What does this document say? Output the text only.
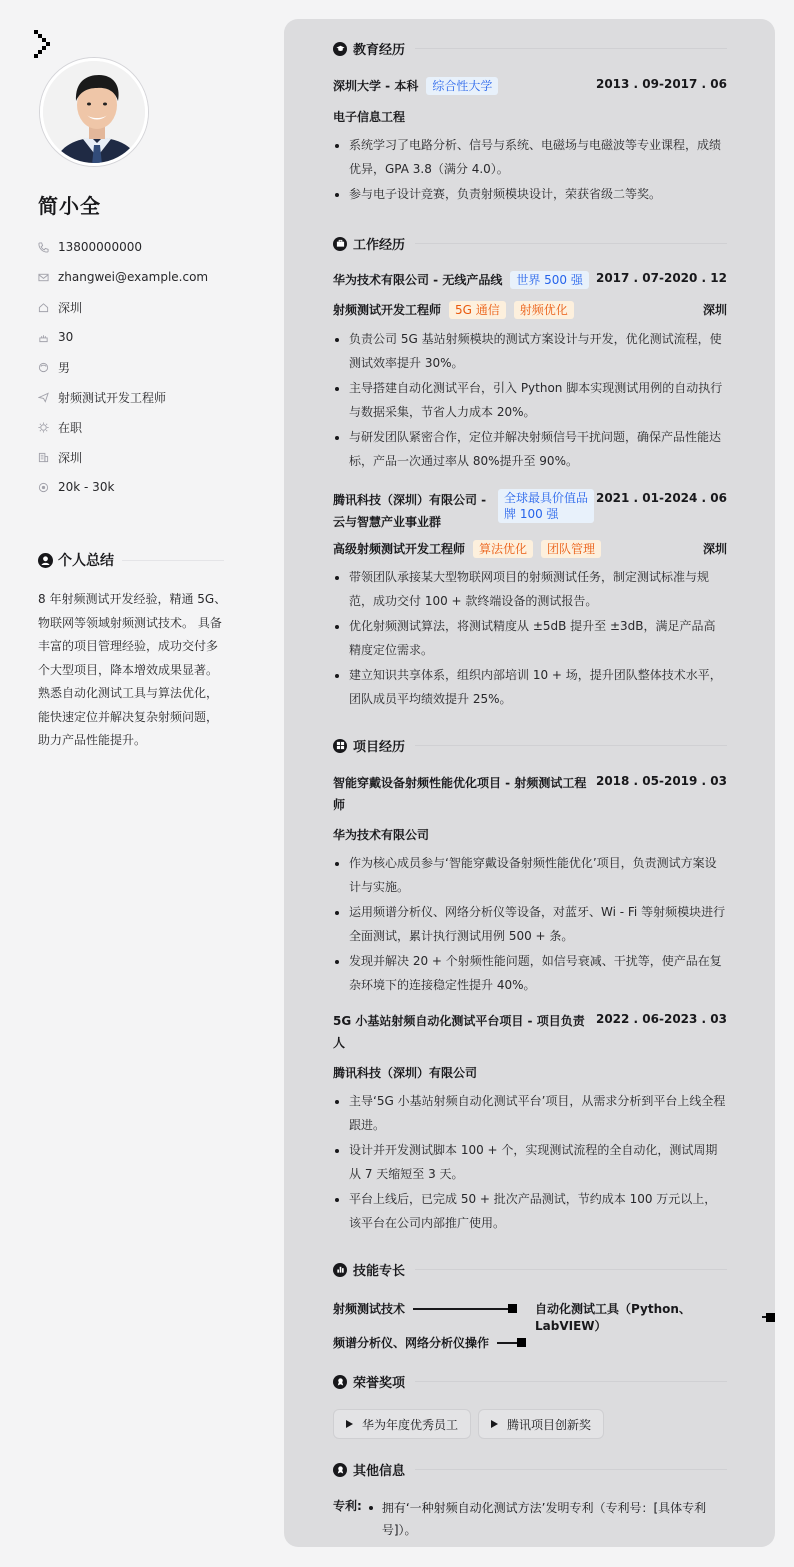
简小全
13800000000
zhangwei@example.com
深圳
30
男
射频测试开发工程师
在职
深圳
20k - 30k
个人总结

8 年射频测试开发经验，精通 5G、物联网等领域射频测试技术。 具备丰富的项目管理经验，成功交付多个大型项目，降本增效成果显著。熟悉自动化测试工具与算法优化，能快速定位并解决复杂射频问题，助力产品性能提升。

教育经历
深圳大学 - 本科	综合性大学	2013 . 09-2017 . 06
电子信息工程
系统学习了电路分析、信号与系统、电磁场与电磁波等专业课程，成绩优异，GPA 3.8（满分 4.0）。
参与电子设计竞赛，负责射频模块设计，荣获省级二等奖。
工作经历
华为技术有限公司 - 无线产品线	世界 500 强	2017 . 07-2020 . 12
射频测试开发工程师	5G 通信	射频优化	深圳
负责公司 5G 基站射频模块的测试方案设计与开发，优化测试流程，使测试效率提升 30%。
主导搭建自动化测试平台，引入 Python 脚本实现测试用例的自动执行与数据采集，节省人力成本 20%。
与研发团队紧密合作，定位并解决射频信号干扰问题，确保产品性能达标，产品一次通过率从 80%提升至 90%。
腾讯科技（深圳）有限公司 - 云与智慧产业事业群
全球最具价值品牌 100 强
2021 . 01-2024 . 06
高级射频测试开发工程师	算法优化	团队管理	深圳
带领团队承接某大型物联网项目的射频测试任务，制定测试标准与规范，成功交付 100 + 款终端设备的测试报告。
优化射频测试算法，将测试精度从 ±5dB 提升至 ±3dB，满足产品高精度定位需求。
建立知识共享体系，组织内部培训 10 + 场，提升团队整体技术水平，团队成员平均绩效提升 25%。
项目经历
智能穿戴设备射频性能优化项目 - 射频测试工程师
2018 . 05-2019 . 03
华为技术有限公司
作为核心成员参与‘智能穿戴设备射频性能优化’项目，负责测试方案设计与实施。
运用频谱分析仪、网络分析仪等设备，对蓝牙、Wi - Fi 等射频模块进行全面测试，累计执行测试用例 500 + 条。
发现并解决 20 + 个射频性能问题，如信号衰减、干扰等，使产品在复杂环境下的连接稳定性提升 40%。
5G 小基站射频自动化测试平台项目 - 项目负责人
2022 . 06-2023 . 03
腾讯科技（深圳）有限公司
主导‘5G 小基站射频自动化测试平台’项目，从需求分析到平台上线全程跟进。
设计并开发测试脚本 100 + 个，实现测试流程的全自动化，测试周期从 7 天缩短至 3 天。
平台上线后，已完成 50 + 批次产品测试，节约成本 100 万元以上，该平台在公司内部推广使用。
技能专长
射频测试技术	自动化测试工具（Python、LabVIEW）
频谱分析仪、网络分析仪操作
荣誉奖项
华为年度优秀员工	腾讯项目创新奖
其他信息
专利:	拥有‘一种射频自动化测试方法’发明专利（专利号：[具体专利号]）。
